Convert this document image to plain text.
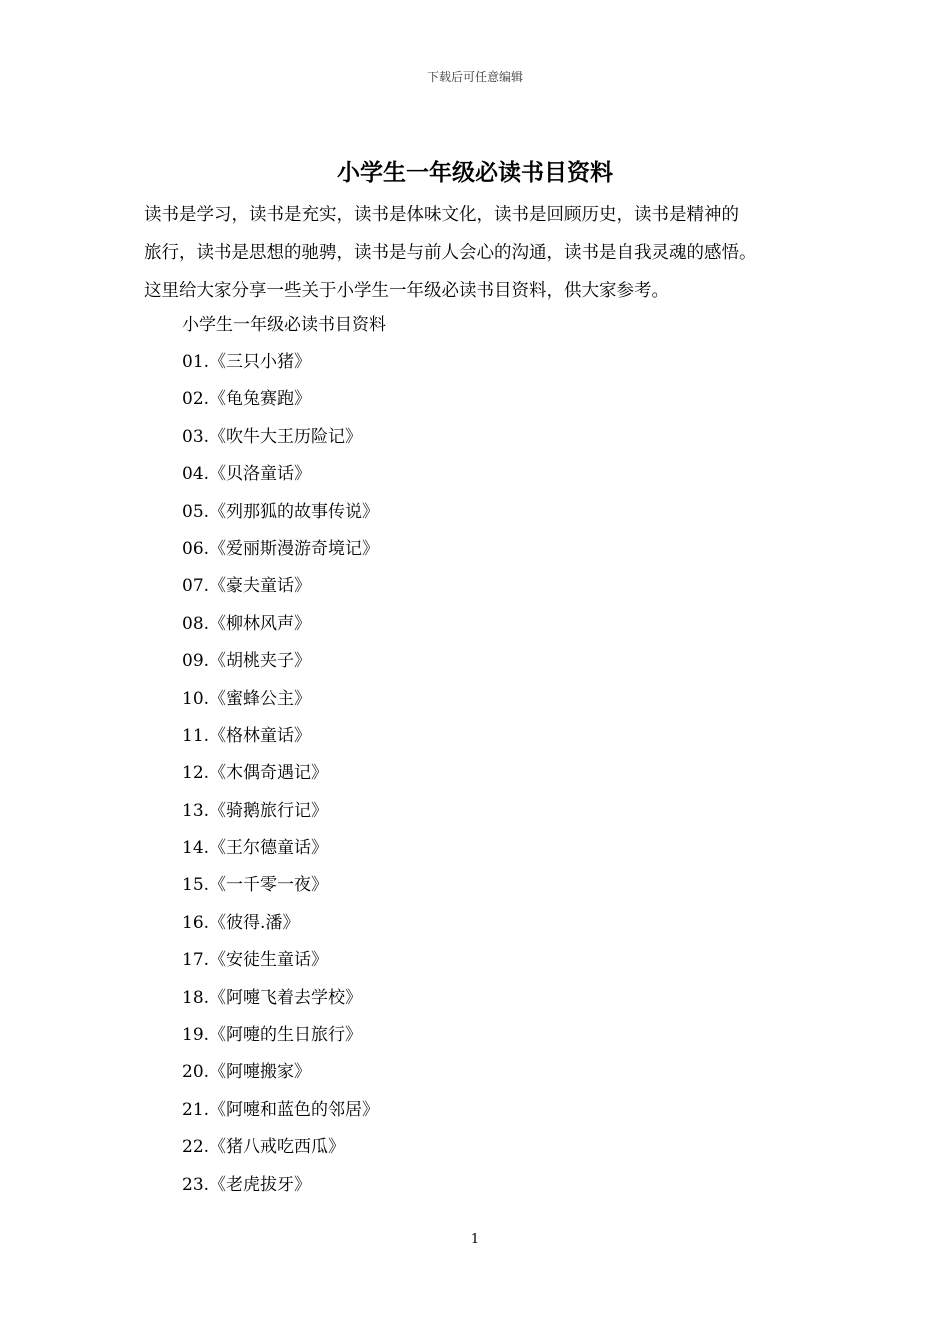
下载后可任意编辑
小学生一年级必读书目资料

读书是学习，读书是充实，读书是体味文化，读书是回顾历史，读书是精神的
旅行，读书是思想的驰骋，读书是与前人会心的沟通，读书是自我灵魂的感悟。
这里给大家分享一些关于小学生一年级必读书目资料，供大家参考。

小学生一年级必读书目资料

01.《三只小猪》
02.《龟兔赛跑》
03.《吹牛大王历险记》
04.《贝洛童话》
05.《列那狐的故事传说》
06.《爱丽斯漫游奇境记》
07.《豪夫童话》
08.《柳林风声》
09.《胡桃夹子》
10.《蜜蜂公主》
11.《格林童话》
12.《木偶奇遇记》
13.《骑鹅旅行记》
14.《王尔德童话》
15.《一千零一夜》
16.《彼得.潘》
17.《安徒生童话》
18.《阿嚏飞着去学校》
19.《阿嚏的生日旅行》
20.《阿嚏搬家》
21.《阿嚏和蓝色的邻居》
22.《猪八戒吃西瓜》
23.《老虎拔牙》
1
